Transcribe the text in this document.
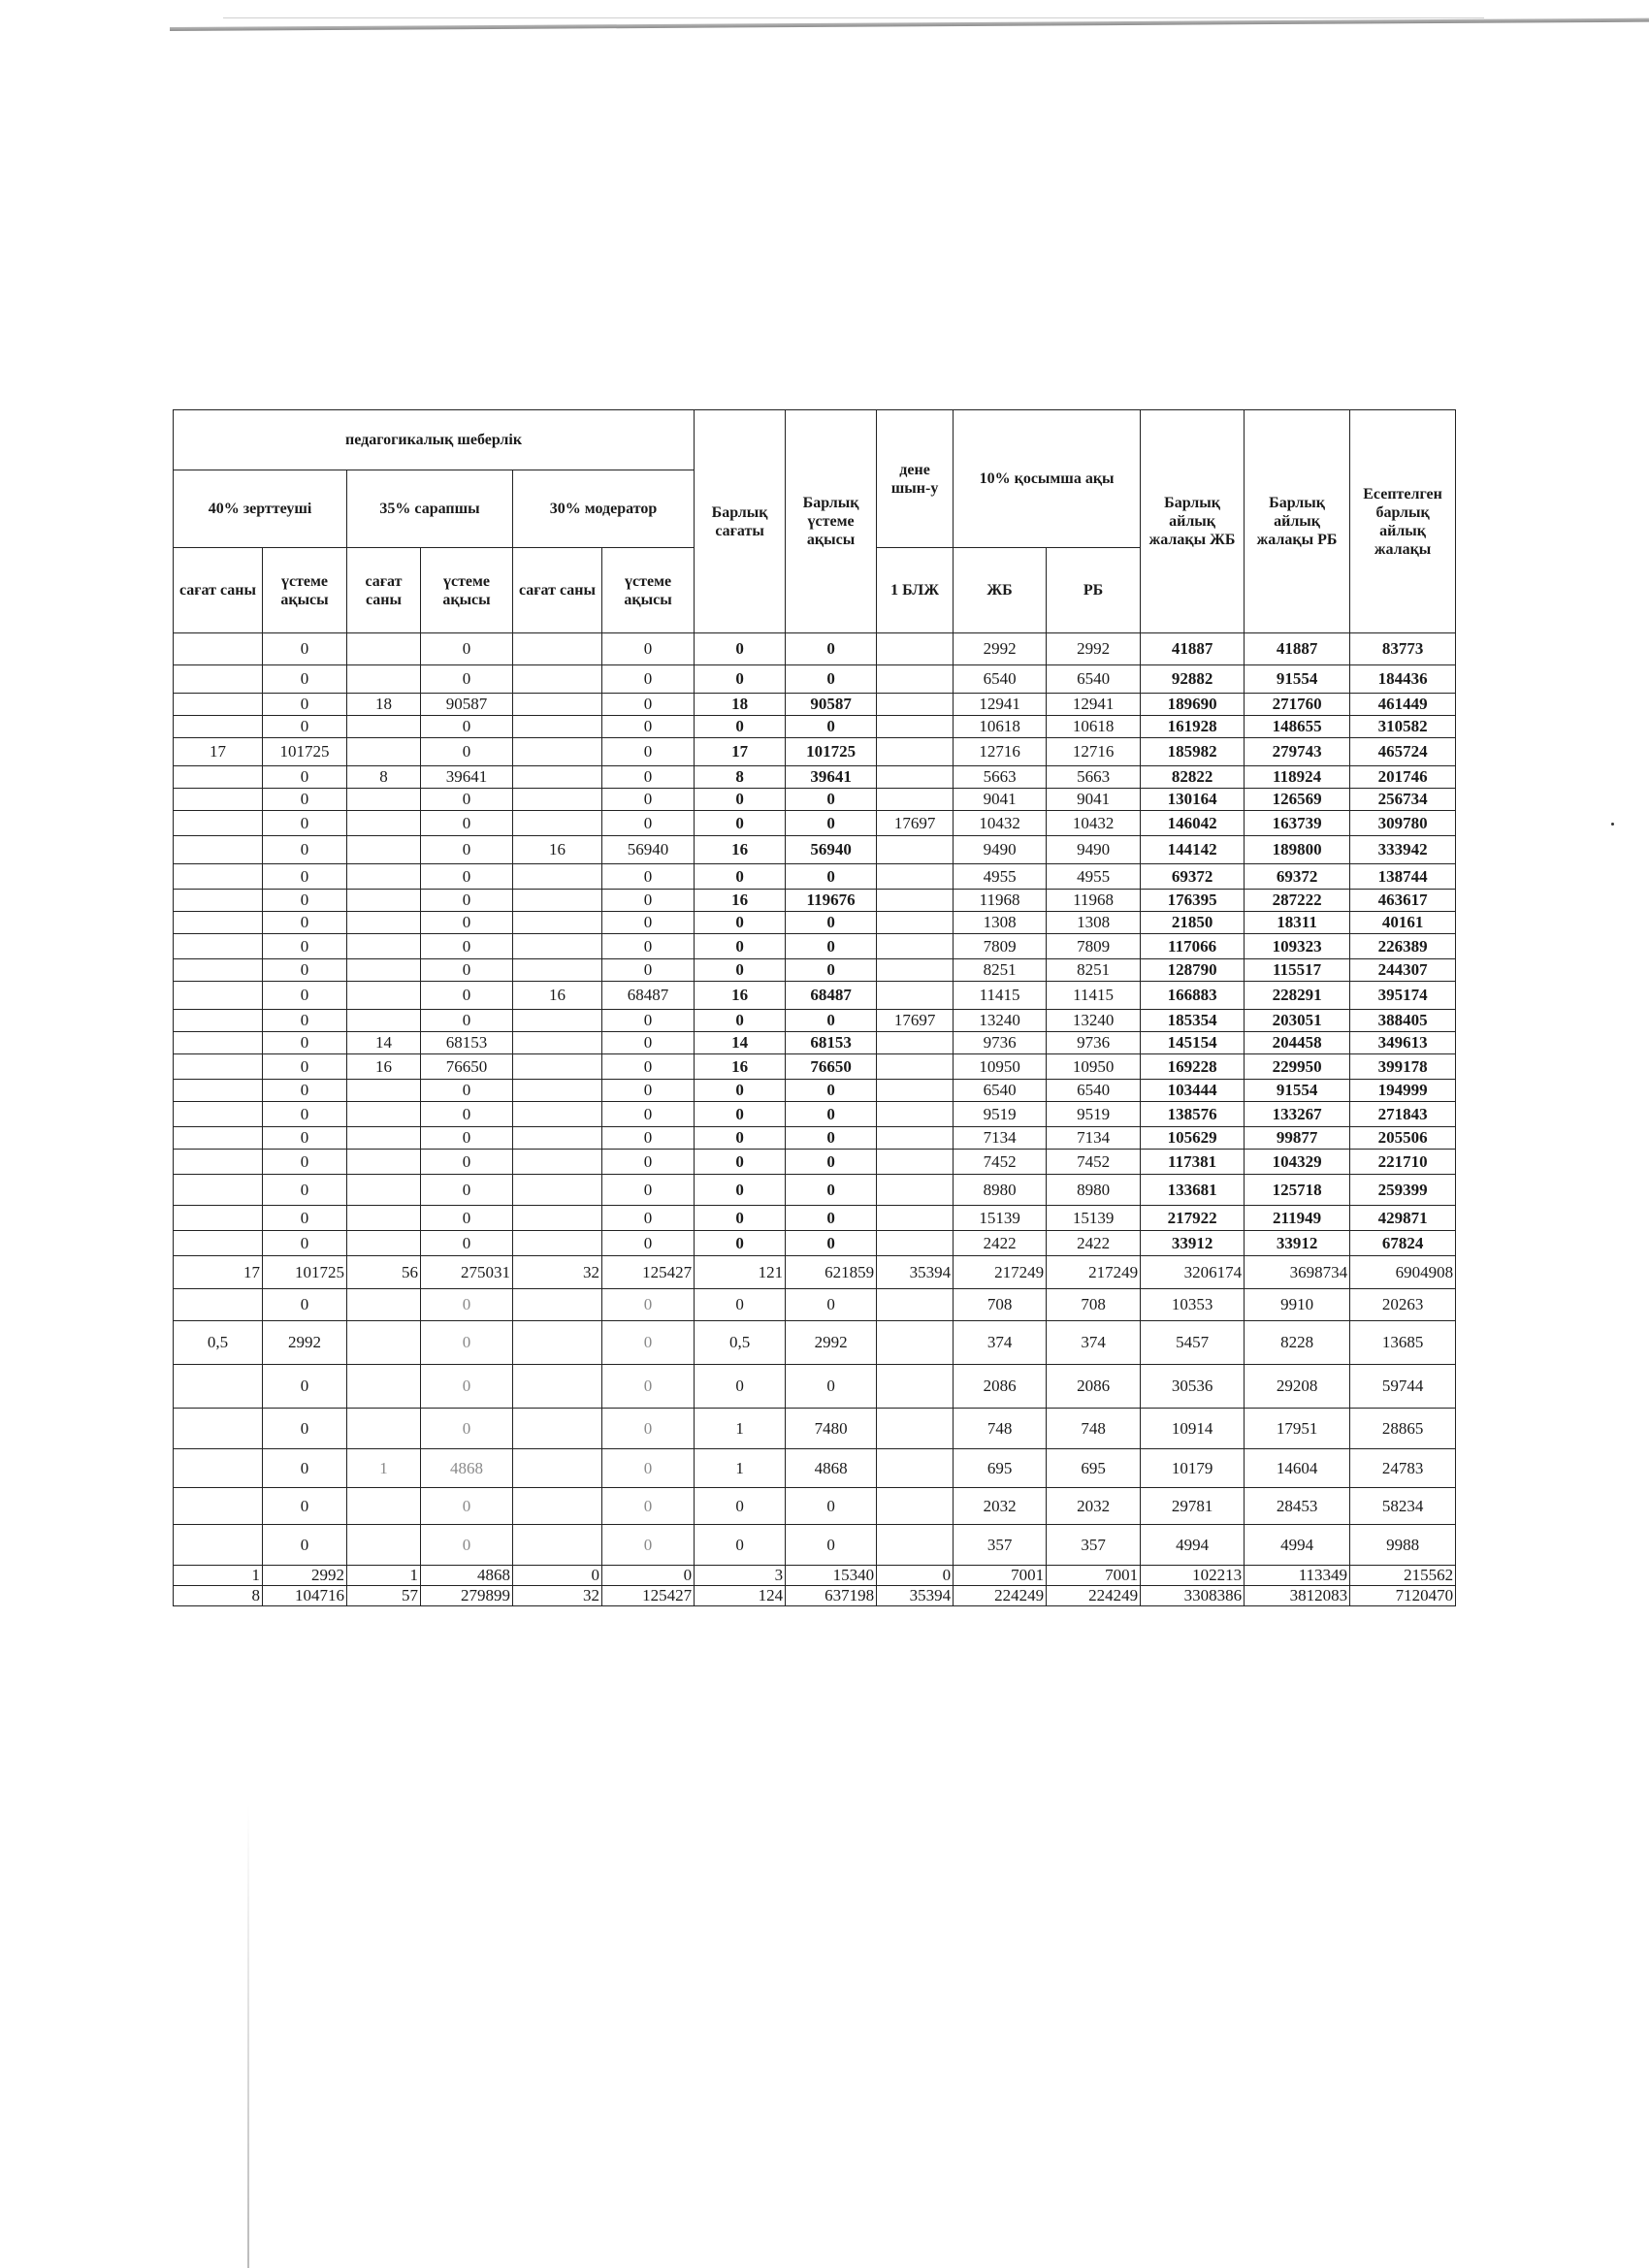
педагогикалық шеберлік						Барлық сағаты	Барлық үстеме ақысы	дене шын-у	10% қосымша ақы		Барлық айлық жалақы ЖБ	Барлық айлық жалақы РБ	Есептелген барлық айлық жалақы
40% зерттеуші		35% сарапшы		30% модератор									
сағат саны	үстеме ақысы	сағат саны	үстеме ақысы	сағат саны	үстеме ақысы			1 БЛЖ	ЖБ	РБ			
	0		0		0	0	0		2992	2992	41887	41887	83773
	0		0		0	0	0		6540	6540	92882	91554	184436
	0	18	90587		0	18	90587		12941	12941	189690	271760	461449
	0		0		0	0	0		10618	10618	161928	148655	310582
17	101725		0		0	17	101725		12716	12716	185982	279743	465724
	0	8	39641		0	8	39641		5663	5663	82822	118924	201746
	0		0		0	0	0		9041	9041	130164	126569	256734
	0		0		0	0	0	17697	10432	10432	146042	163739	309780
	0		0	16	56940	16	56940		9490	9490	144142	189800	333942
	0		0		0	0	0		4955	4955	69372	69372	138744
	0		0		0	16	119676		11968	11968	176395	287222	463617
	0		0		0	0	0		1308	1308	21850	18311	40161
	0		0		0	0	0		7809	7809	117066	109323	226389
	0		0		0	0	0		8251	8251	128790	115517	244307
	0		0	16	68487	16	68487		11415	11415	166883	228291	395174
	0		0		0	0	0	17697	13240	13240	185354	203051	388405
	0	14	68153		0	14	68153		9736	9736	145154	204458	349613
	0	16	76650		0	16	76650		10950	10950	169228	229950	399178
	0		0		0	0	0		6540	6540	103444	91554	194999
	0		0		0	0	0		9519	9519	138576	133267	271843
	0		0		0	0	0		7134	7134	105629	99877	205506
	0		0		0	0	0		7452	7452	117381	104329	221710
	0		0		0	0	0		8980	8980	133681	125718	259399
	0		0		0	0	0		15139	15139	217922	211949	429871
	0		0		0	0	0		2422	2422	33912	33912	67824
17	101725	56	275031	32	125427	121	621859	35394	217249	217249	3206174	3698734	6904908
	0		0		0	0	0		708	708	10353	9910	20263
0,5	2992		0		0	0,5	2992		374	374	5457	8228	13685
	0		0		0	0	0		2086	2086	30536	29208	59744
	0		0		0	1	7480		748	748	10914	17951	28865
	0	1	4868		0	1	4868		695	695	10179	14604	24783
	0		0		0	0	0		2032	2032	29781	28453	58234
	0		0		0	0	0		357	357	4994	4994	9988
1	2992	1	4868	0	0	3	15340	0	7001	7001	102213	113349	215562
8	104716	57	279899	32	125427	124	637198	35394	224249	224249	3308386	3812083	7120470
